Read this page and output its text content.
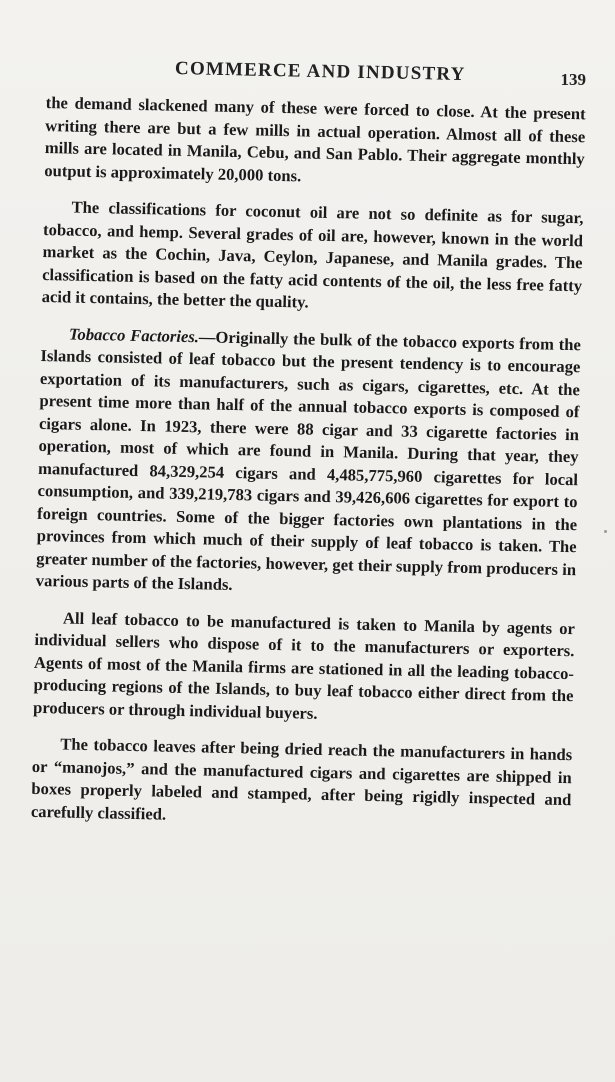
COMMERCE AND INDUSTRY	139

the demand slackened many of these were forced to close. At the present writing there are but a few mills in actual operation. Almost all of these mills are located in Manila, Cebu, and San Pablo. Their aggregate monthly output is approximately 20,000 tons.

The classifications for coconut oil are not so definite as for sugar, tobacco, and hemp. Several grades of oil are, however, known in the world market as the Cochin, Java, Ceylon, Japanese, and Manila grades. The classification is based on the fatty acid contents of the oil, the less free fatty acid it contains, the better the quality.

Tobacco Factories.—Originally the bulk of the tobacco exports from the Islands consisted of leaf tobacco but the present tendency is to encourage exportation of its manufacturers, such as cigars, cigarettes, etc. At the present time more than half of the annual tobacco exports is composed of cigars alone. In 1923, there were 88 cigar and 33 cigarette factories in operation, most of which are found in Manila. During that year, they manufactured 84,329,254 cigars and 4,485,775,960 cigarettes for local consumption, and 339,219,783 cigars and 39,426,606 cigarettes for export to foreign countries. Some of the bigger factories own plantations in the provinces from which much of their supply of leaf tobacco is taken. The greater number of the factories, however, get their supply from producers in various parts of the Islands.

All leaf tobacco to be manufactured is taken to Manila by agents or individual sellers who dispose of it to the manufacturers or exporters. Agents of most of the Manila firms are stationed in all the leading tobacco-producing regions of the Islands, to buy leaf tobacco either direct from the producers or through individual buyers.

The tobacco leaves after being dried reach the manufacturers in hands or “manojos,” and the manufactured cigars and cigarettes are shipped in boxes properly labeled and stamped, after being rigidly inspected and carefully classified.
